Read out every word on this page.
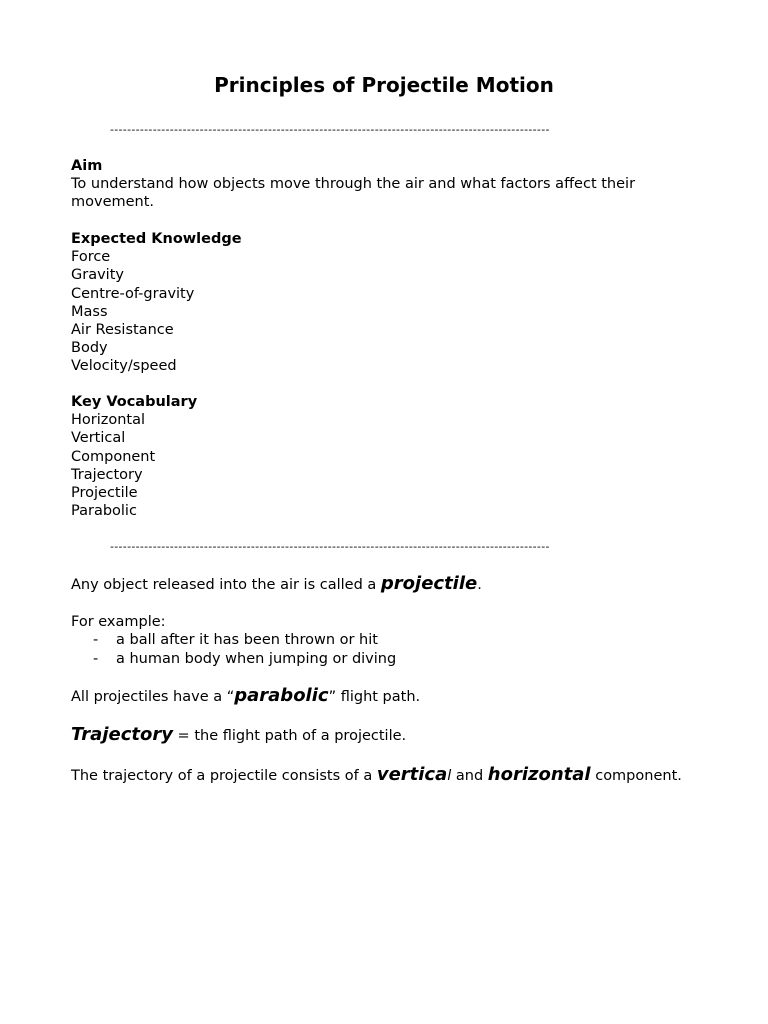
Principles of Projectile Motion
-------------------------------------------------------------------------------------------------------
Aim
To understand how objects move through the air and what factors affect their
movement.
Expected Knowledge
Force
Gravity
Centre-of-gravity
Mass
Air Resistance
Body
Velocity/speed
Key Vocabulary
Horizontal
Vertical
Component
Trajectory
Projectile
Parabolic
-------------------------------------------------------------------------------------------------------
Any object released into the air is called a projectile.
For example:
- a ball after it has been thrown or hit
- a human body when jumping or diving
All projectiles have a “parabolic” flight path.
Trajectory = the flight path of a projectile.
The trajectory of a projectile consists of a vertical and horizontal component.
